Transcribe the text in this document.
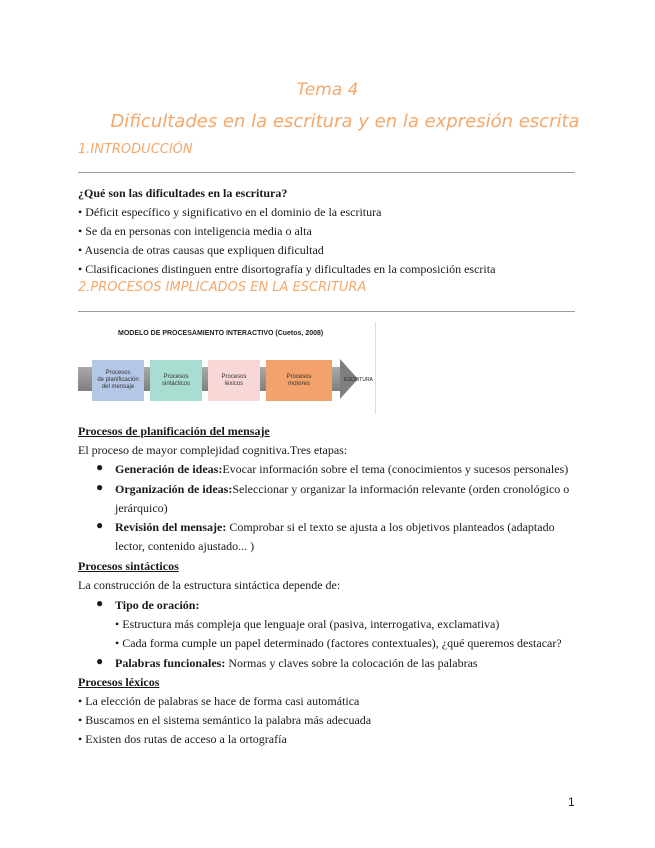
Tema 4
Dificultades en la escritura y en la expresión escrita
1.INTRODUCCIÓN
¿Qué son las dificultades en la escritura?
• Déficit específico y significativo en el dominio de la escritura
• Se da en personas con inteligencia media o alta
• Ausencia de otras causas que expliquen dificultad
• Clasificaciones distinguen entre disortografía y dificultades en la composición escrita
2.PROCESOS IMPLICADOS EN LA ESCRITURA
MODELO DE PROCESAMIENTO INTERACTIVO (Cuetos, 2008)
ESCRITURA
Procesos
de planificación
del mensaje
Procesos
sintácticos
Procesos
léxicos
Procesos
motores
Procesos de planificación del mensaje
El proceso de mayor complejidad cognitiva.Tres etapas:
● Generación de ideas:Evocar información sobre el tema (conocimientos y sucesos personales)
● Organización de ideas:Seleccionar y organizar la información relevante (orden cronológico o
jerárquico)
● Revisión del mensaje: Comprobar si el texto se ajusta a los objetivos planteados (adaptado
lector, contenido ajustado... )
Procesos sintácticos
La construcción de la estructura sintáctica depende de:
● Tipo de oración:
• Estructura más compleja que lenguaje oral (pasiva, interrogativa, exclamativa)
• Cada forma cumple un papel determinado (factores contextuales), ¿qué queremos destacar?
● Palabras funcionales: Normas y claves sobre la colocación de las palabras
Procesos léxicos
• La elección de palabras se hace de forma casi automática
• Buscamos en el sistema semántico la palabra más adecuada
• Existen dos rutas de acceso a la ortografía
1
